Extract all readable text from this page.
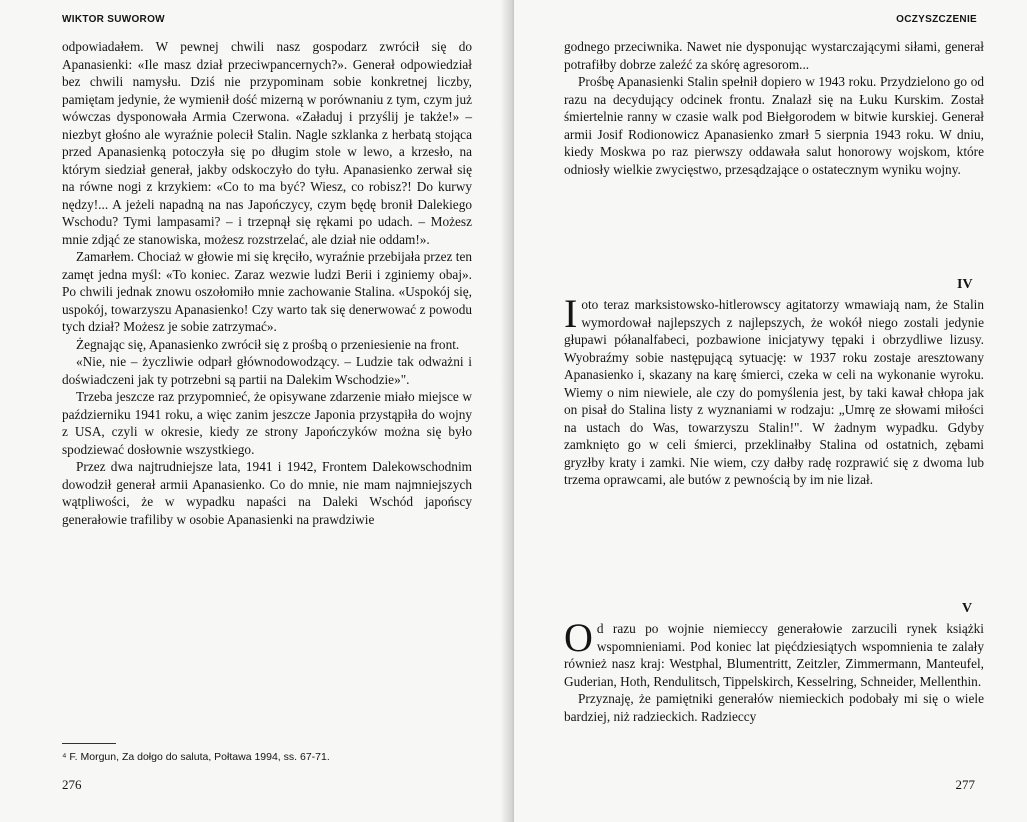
WIKTOR SUWOROW

odpowiadałem. W pewnej chwili nasz gospodarz zwrócił się do Apanasienki: «Ile masz dział przeciwpancernych?». Generał odpowiedział bez chwili namysłu. Dziś nie przypominam sobie konkretnej liczby, pamiętam jedynie, że wymienił dość mizerną w porównaniu z tym, czym już wówczas dysponowała Armia Czerwona. «Załaduj i przyślij je także!» – niezbyt głośno ale wyraźnie polecił Stalin. Nagle szklanka z herbatą stojąca przed Apanasienką potoczyła się po długim stole w lewo, a krzesło, na którym siedział generał, jakby odskoczyło do tyłu. Apanasienko zerwał się na równe nogi z krzykiem: «Co to ma być? Wiesz, co robisz?! Do kurwy nędzy!... A jeżeli napadną na nas Japończycy, czym będę bronił Dalekiego Wschodu? Tymi lampasami? – i trzepnął się rękami po udach. – Możesz mnie zdjąć ze stanowiska, możesz rozstrzelać, ale dział nie oddam!».

Zamarłem. Chociaż w głowie mi się kręciło, wyraźnie przebijała przez ten zamęt jedna myśl: «To koniec. Zaraz wezwie ludzi Berii i zginiemy obaj». Po chwili jednak znowu oszołomiło mnie zachowanie Stalina. «Uspokój się, uspokój, towarzyszu Apanasienko! Czy warto tak się denerwować z powodu tych dział? Możesz je sobie zatrzymać».

Żegnając się, Apanasienko zwrócił się z prośbą o przeniesienie na front.

«Nie, nie – życzliwie odparł głównodowodzący. – Ludzie tak odważni i doświadczeni jak ty potrzebni są partii na Dalekim Wschodzie»".

Trzeba jeszcze raz przypomnieć, że opisywane zdarzenie miało miejsce w październiku 1941 roku, a więc zanim jeszcze Japonia przystąpiła do wojny z USA, czyli w okresie, kiedy ze strony Japończyków można się było spodziewać dosłownie wszystkiego.

Przez dwa najtrudniejsze lata, 1941 i 1942, Frontem Dalekowschodnim dowodził generał armii Apanasienko. Co do mnie, nie mam najmniejszych wątpliwości, że w wypadku napaści na Daleki Wschód japońscy generałowie trafiliby w osobie Apanasienki na prawdziwie

⁴ F. Morgun, Za dołgo do saluta, Połtawa 1994, ss. 67-71.
276
OCZYSZCZENIE

godnego przeciwnika. Nawet nie dysponując wystarczającymi siłami, generał potrafiłby dobrze zaleźć za skórę agresorom...

Prośbę Apanasienki Stalin spełnił dopiero w 1943 roku. Przydzielono go od razu na decydujący odcinek frontu. Znalazł się na Łuku Kurskim. Został śmiertelnie ranny w czasie walk pod Biełgorodem w bitwie kurskiej. Generał armii Josif Rodionowicz Apanasienko zmarł 5 sierpnia 1943 roku. W dniu, kiedy Moskwa po raz pierwszy oddawała salut honorowy wojskom, które odniosły wielkie zwycięstwo, przesądzające o ostatecznym wyniku wojny.

IV

Ioto teraz marksistowsko-hitlerowscy agitatorzy wmawiają nam, że Stalin wymordował najlepszych z najlepszych, że wokół niego zostali jedynie głupawi półanalfabeci, pozbawione inicjatywy tępaki i obrzydliwe lizusy. Wyobraźmy sobie następującą sytuację: w 1937 roku zostaje aresztowany Apanasienko i, skazany na karę śmierci, czeka w celi na wykonanie wyroku. Wiemy o nim niewiele, ale czy do pomyślenia jest, by taki kawał chłopa jak on pisał do Stalina listy z wyznaniami w rodzaju: „Umrę ze słowami miłości na ustach do Was, towarzyszu Stalin!". W żadnym wypadku. Gdyby zamknięto go w celi śmierci, przeklinałby Stalina od ostatnich, zębami gryzłby kraty i zamki. Nie wiem, czy dałby radę rozprawić się z dwoma lub trzema oprawcami, ale butów z pewnością by im nie lizał.

V

Od razu po wojnie niemieccy generałowie zarzucili rynek książki wspomnieniami. Pod koniec lat pięćdziesiątych wspomnienia te zalały również nasz kraj: Westphal, Blumentritt, Zeitzler, Zimmermann, Manteufel, Guderian, Hoth, Rendulitsch, Tippelskirch, Kesselring, Schneider, Mellenthin.

Przyznaję, że pamiętniki generałów niemieckich podobały mi się o wiele bardziej, niż radzieckich. Radzieccy

277
